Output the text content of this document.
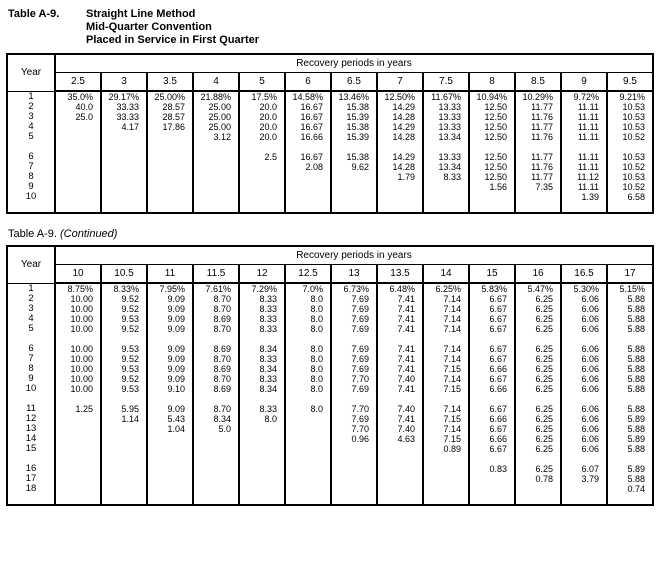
Table A-9.	Straight Line Method
Mid-Quarter Convention
Placed in Service in First Quarter
Year	Recovery periods in years												
	2.5	3	3.5	4	5	6	6.5	7	7.5	8	8.5	9	9.5
1	35.0%	29.17%	25.00%	21.88%	17.5%	14.58%	13.46%	12.50%	11.67%	10.94%	10.29%	9.72%	9.21%
2	40.0	33.33	28.57	25.00	20.0	16.67	15.38	14.29	13.33	12.50	11.77	11.11	10.53
3	25.0	33.33	28.57	25.00	20.0	16.67	15.39	14.28	13.33	12.50	11.76	11.11	10.53
4		4.17	17.86	25.00	20.0	16.67	15.38	14.29	13.33	12.50	11.77	11.11	10.53
5				3.12	20.0	16.66	15.39	14.28	13.34	12.50	11.76	11.11	10.52

6					2.5	16.67	15.38	14.29	13.33	12.50	11.77	11.11	10.53
7						2.08	9.62	14.28	13.34	12.50	11.76	11.11	10.52
8								1.79	8.33	12.50	11.77	11.12	10.53
9										1.56	7.35	11.11	10.52
10												1.39	6.58

Table A-9. (Continued)
Year	Recovery periods in years												
	10	10.5	11	11.5	12	12.5	13	13.5	14	15	16	16.5	17
1	8.75%	8.33%	7.95%	7.61%	7.29%	7.0%	6.73%	6.48%	6.25%	5.83%	5.47%	5.30%	5.15%
2	10.00	9.52	9.09	8.70	8.33	8.0	7.69	7.41	7.14	6.67	6.25	6.06	5.88
3	10.00	9.52	9.09	8.70	8.33	8.0	7.69	7.41	7.14	6.67	6.25	6.06	5.88
4	10.00	9.53	9.09	8.69	8.33	8.0	7.69	7.41	7.14	6.67	6.25	6.06	5.88
5	10.00	9.52	9.09	8.70	8.33	8.0	7.69	7.41	7.14	6.67	6.25	6.06	5.88

6	10.00	9.53	9.09	8.69	8.34	8.0	7.69	7.41	7.14	6.67	6.25	6.06	5.88
7	10.00	9.52	9.09	8.70	8.33	8.0	7.69	7.41	7.14	6.67	6.25	6.06	5.88
8	10.00	9.53	9.09	8.69	8.34	8.0	7.69	7.41	7.15	6.66	6.25	6.06	5.88
9	10.00	9.52	9.09	8.70	8.33	8.0	7.70	7.40	7.14	6.67	6.25	6.06	5.88
10	10.00	9.53	9.10	8.69	8.34	8.0	7.69	7.41	7.15	6.66	6.25	6.06	5.88

11	1.25	5.95	9.09	8.70	8.33	8.0	7.70	7.40	7.14	6.67	6.25	6.06	5.88
12		1.14	5.43	8.34	8.0		7.69	7.41	7.15	6.66	6.25	6.06	5.89
13			1.04	5.0			7.70	7.40	7.14	6.67	6.25	6.06	5.88
14							0.96	4.63	7.15	6.66	6.25	6.06	5.89
15									0.89	6.67	6.25	6.06	5.88

16										0.83	6.25	6.07	5.89
17											0.78	3.79	5.88
18													0.74
